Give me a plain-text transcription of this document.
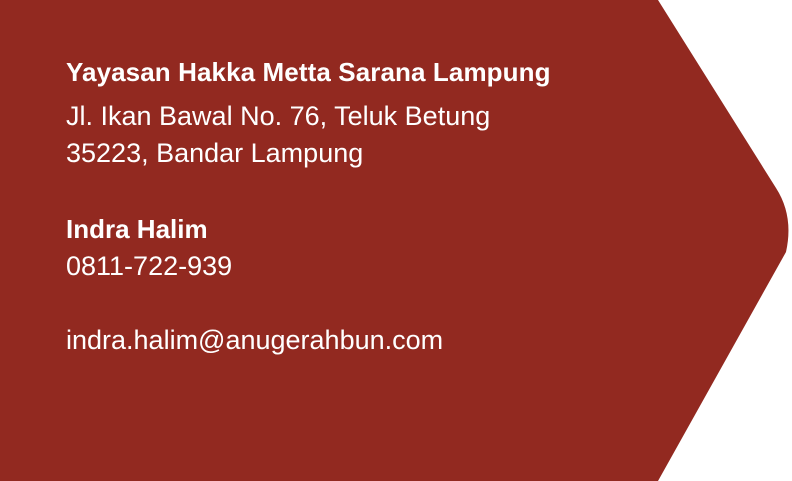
Yayasan Hakka Metta Sarana Lampung

Jl. Ikan Bawal No. 76, Teluk Betung

35223, Bandar Lampung

Indra Halim

0811-722-939

indra.halim@anugerahbun.com
